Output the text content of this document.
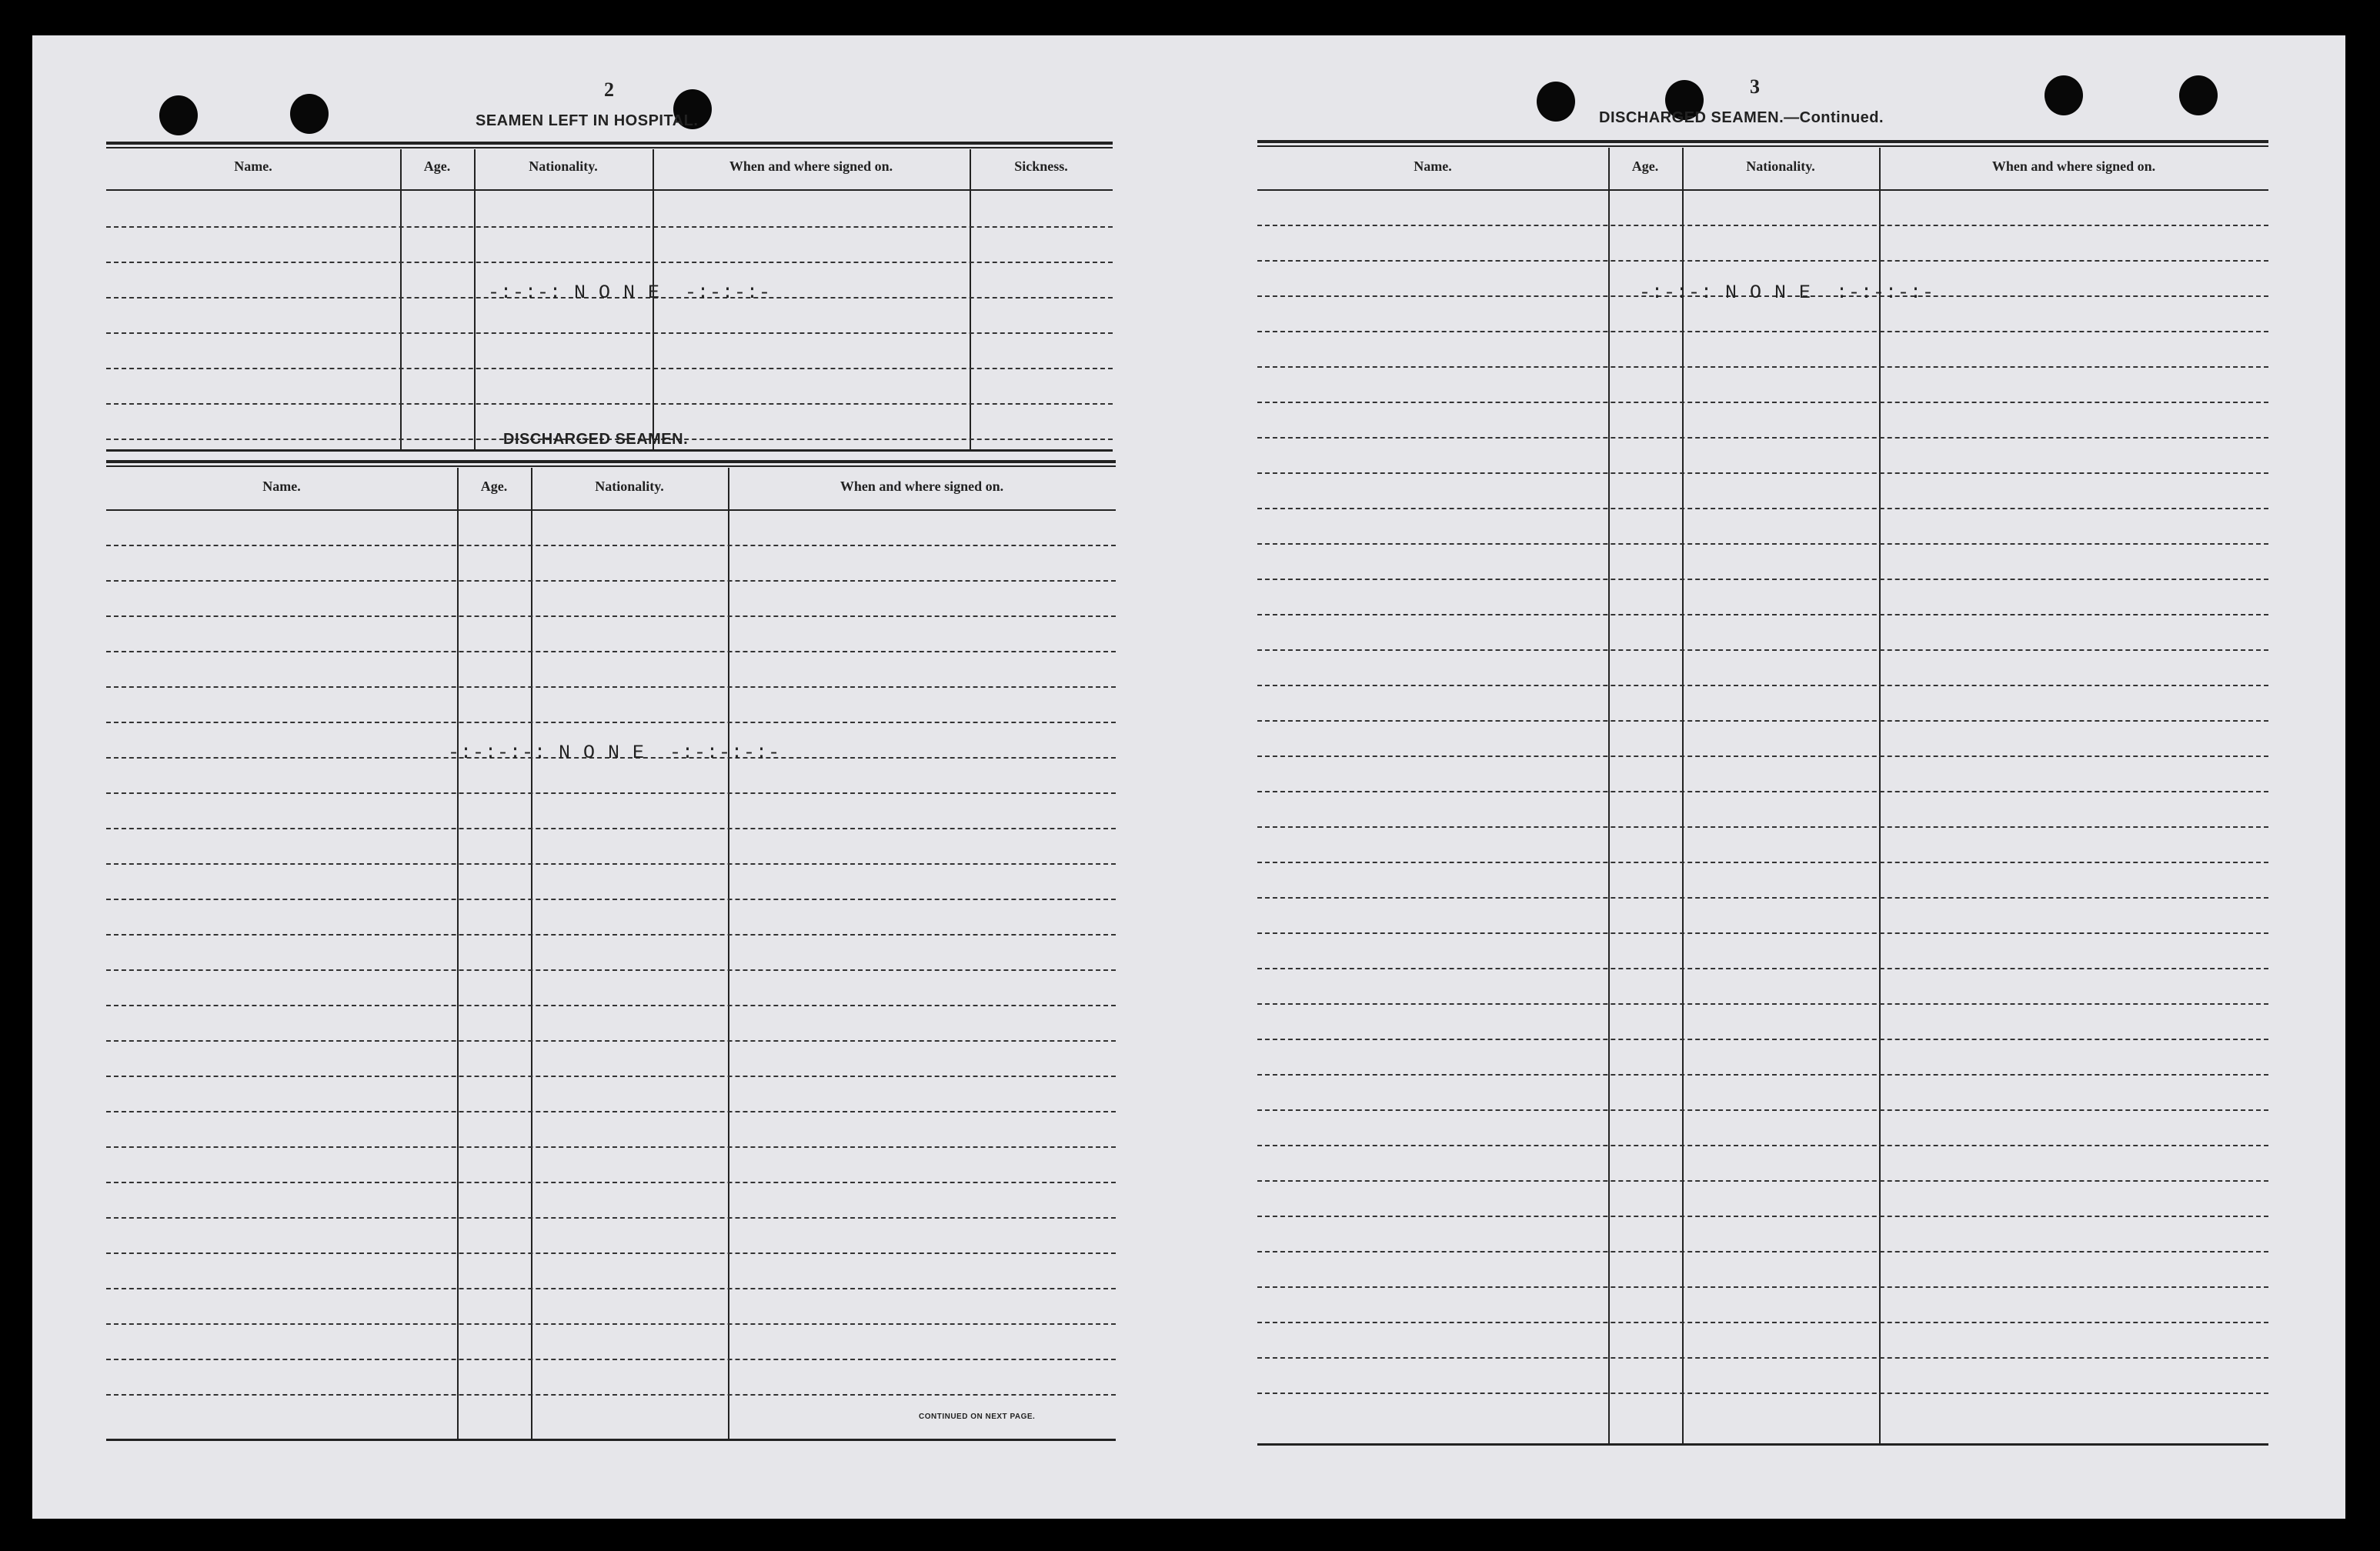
2
SEAMEN LEFT IN HOSPITAL.
Name.	Age.	Nationality.	When and where signed on.	Sickness.
-:-:-: N O N E  -:-:-:-
DISCHARGED SEAMEN.
Name.	Age.	Nationality.	When and where signed on.
-:-:-:-: N O N E  -:-:-:-:-
CONTINUED ON NEXT PAGE.
3
DISCHARGED SEAMEN.—Continued.
Name.	Age.	Nationality.	When and where signed on.
-:-:-: N O N E  :-:-:-:-
